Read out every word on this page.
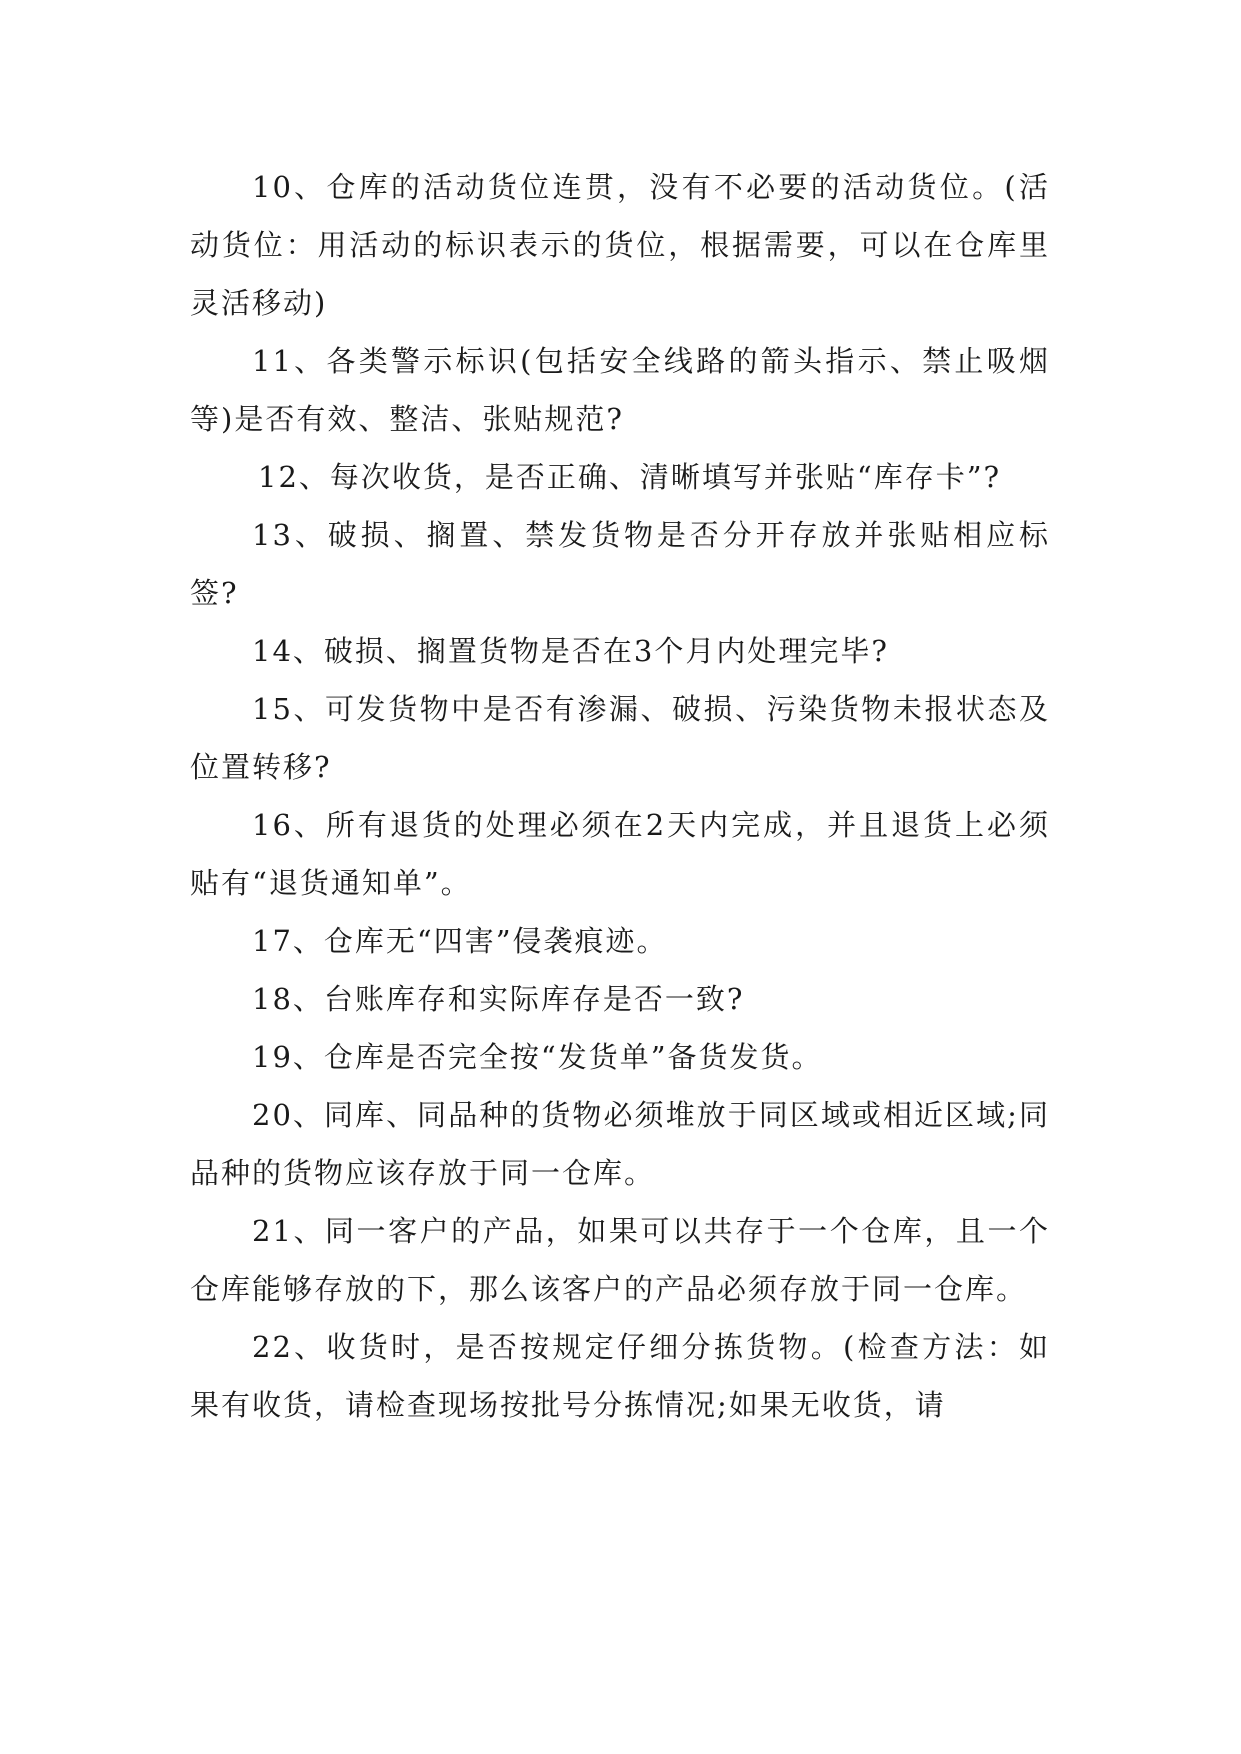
10、仓库的活动货位连贯，没有不必要的活动货位。(活动货位：用活动的标识表示的货位，根据需要，可以在仓库里灵活移动)

11、各类警示标识(包括安全线路的箭头指示、禁止吸烟等)是否有效、整洁、张贴规范?

12、每次收货，是否正确、清晰填写并张贴“库存卡”?

13、破损、搁置、禁发货物是否分开存放并张贴相应标签?

14、破损、搁置货物是否在3个月内处理完毕?

15、可发货物中是否有渗漏、破损、污染货物未报状态及位置转移?

16、所有退货的处理必须在2天内完成，并且退货上必须贴有“退货通知单”。

17、仓库无“四害”侵袭痕迹。

18、台账库存和实际库存是否一致?

19、仓库是否完全按“发货单”备货发货。

20、同库、同品种的货物必须堆放于同区域或相近区域;同品种的货物应该存放于同一仓库。

21、同一客户的产品，如果可以共存于一个仓库，且一个仓库能够存放的下，那么该客户的产品必须存放于同一仓库。

22、收货时，是否按规定仔细分拣货物。(检查方法：如果有收货，请检查现场按批号分拣情况;如果无收货，请
